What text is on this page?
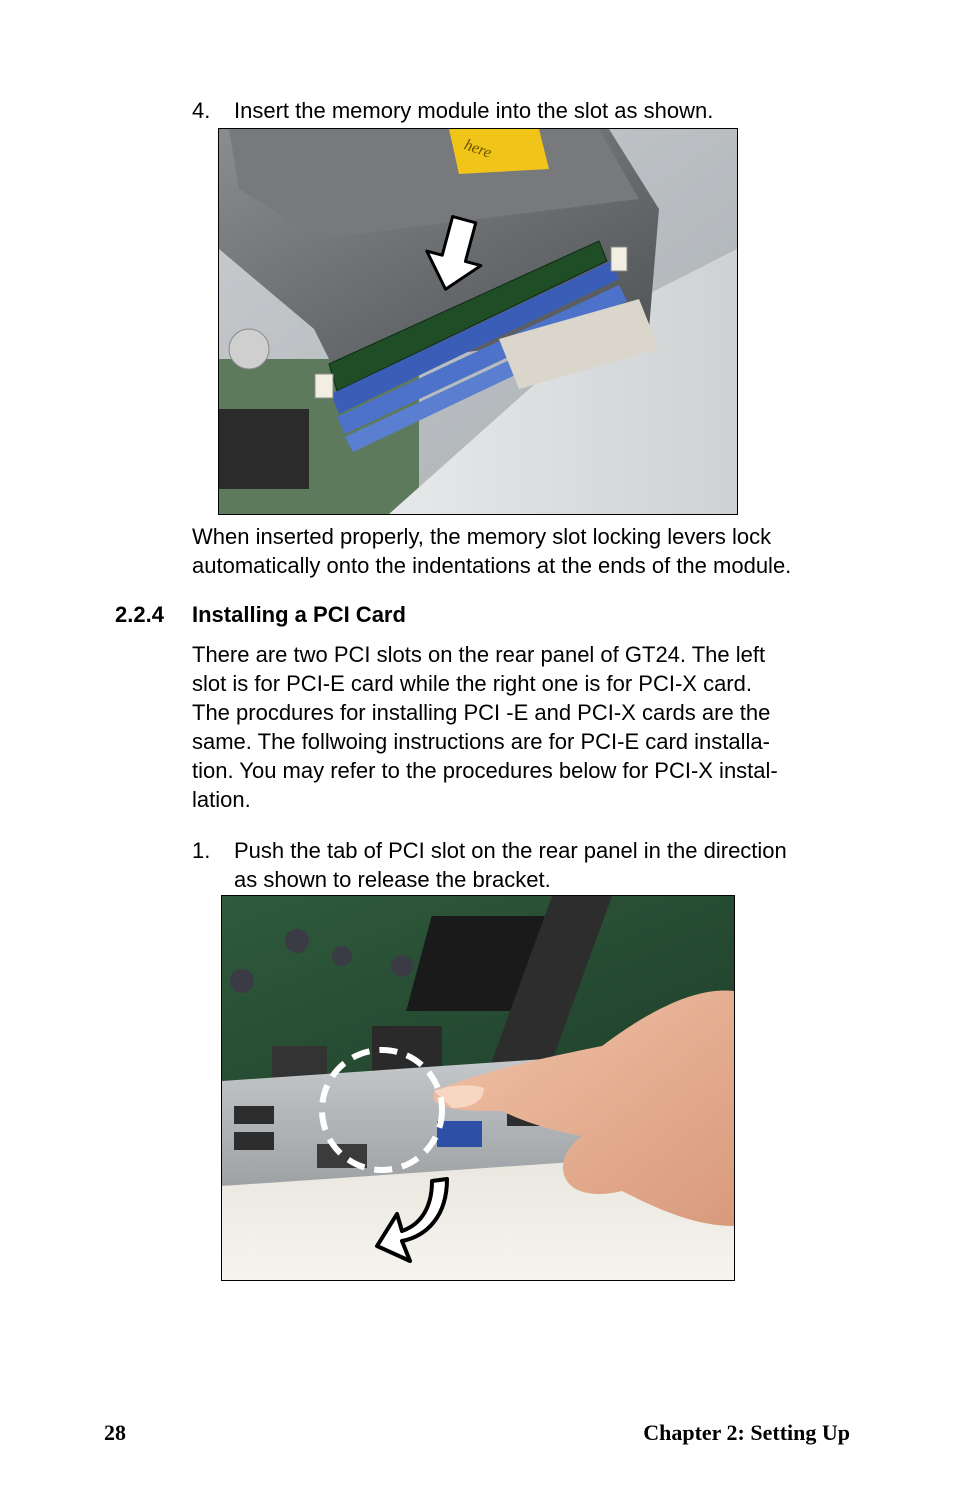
4. Insert the memory module into the slot as shown.
here
When inserted properly, the memory slot locking levers lock
automatically onto the indentations at the ends of the module.
2.2.4 Installing a PCI Card
There are two PCI slots on the rear panel of GT24. The left
slot is for PCI-E card while the right one is for PCI-X card.
The procdures for installing PCI -E and PCI-X cards are the
same. The follwoing instructions are for PCI-E card installa-
tion. You may refer to the procedures below for PCI-X instal-
lation.
1. Push the tab of PCI slot on the rear panel in the direction
as shown to release the bracket.
28	Chapter 2: Setting Up
